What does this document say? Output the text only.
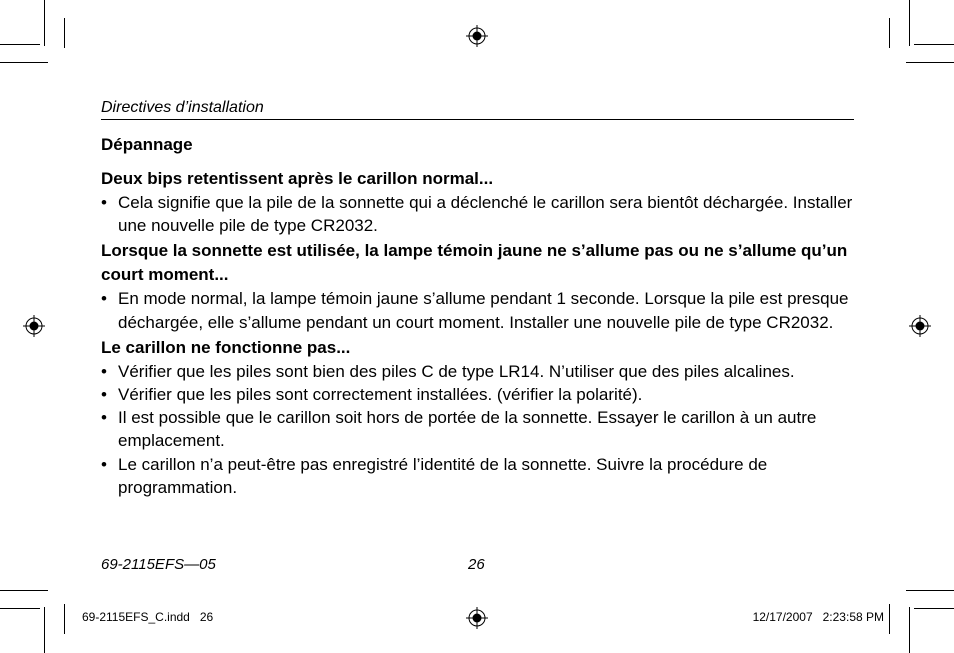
Directives d’installation
Dépannage
Deux bips retentissent après le carillon normal...
• Cela signifie que la pile de la sonnette qui a déclenché le carillon sera bientôt déchargée. Installer une nouvelle pile de type CR2032.
Lorsque la sonnette est utilisée, la lampe témoin jaune ne s’allume pas ou ne s’allume qu’un court moment...
• En mode normal, la lampe témoin jaune s’allume pendant 1 seconde. Lorsque la pile est presque déchargée, elle s’allume pendant un court moment. Installer une nouvelle pile de type CR2032.
Le carillon ne fonctionne pas...
• Vérifier que les piles sont bien des piles C de type LR14. N’utiliser que des piles alcalines.
• Vérifier que les piles sont correctement installées. (vérifier la polarité).
• Il est possible que le carillon soit hors de portée de la sonnette. Essayer le carillon à un autre emplacement.
• Le carillon n’a peut-être pas enregistré l’identité de la sonnette. Suivre la procédure de programmation.
69-2115EFS—05	26
69-2115EFS_C.indd   26	12/17/2007   2:23:58 PM
